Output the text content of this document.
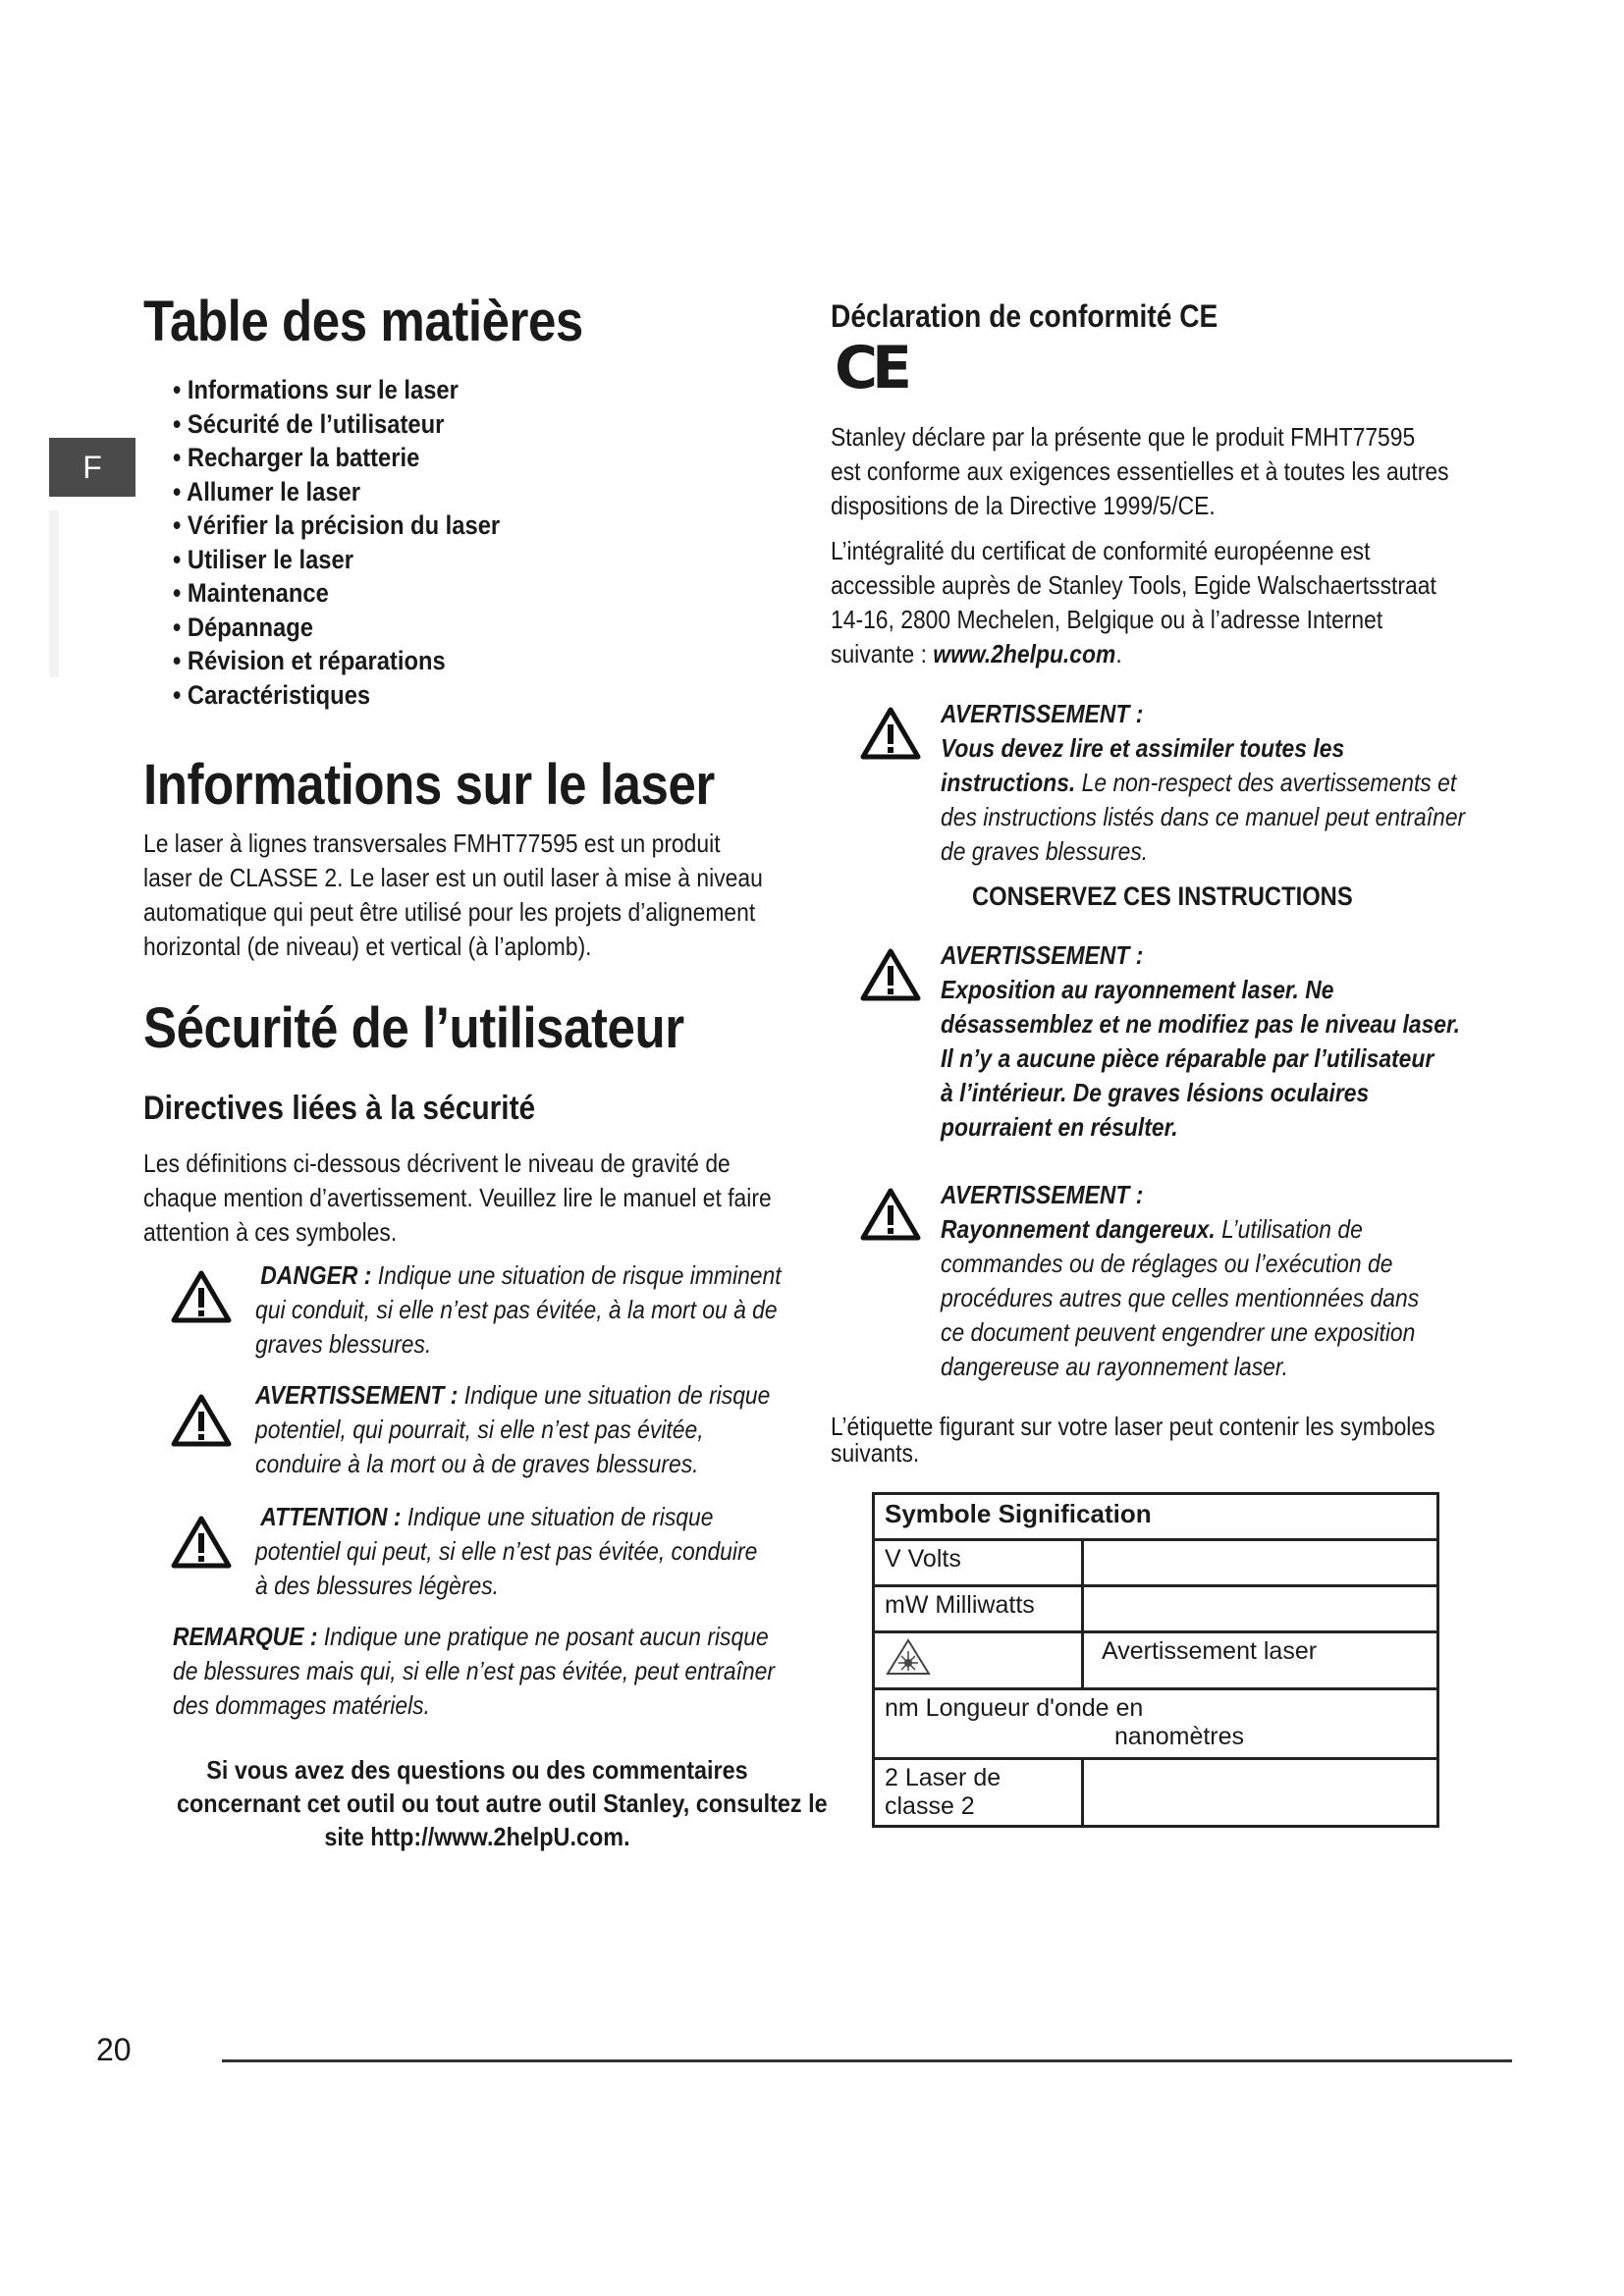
F
Table des matières
• Informations sur le laser
• Sécurité de l’utilisateur
• Recharger la batterie
• Allumer le laser
• Vérifier la précision du laser
• Utiliser le laser
• Maintenance
• Dépannage
• Révision et réparations
• Caractéristiques
Informations sur le laser
Le laser à lignes transversales FMHT77595 est un produit
laser de CLASSE 2. Le laser est un outil laser à mise à niveau
automatique qui peut être utilisé pour les projets d’alignement
horizontal (de niveau) et vertical (à l’aplomb).
Sécurité de l’utilisateur
Directives liées à la sécurité
Les définitions ci-dessous décrivent le niveau de gravité de
chaque mention d’avertissement. Veuillez lire le manuel et faire
attention à ces symboles.
DANGER : Indique une situation de risque imminent
qui conduit, si elle n’est pas évitée, à la mort ou à de
graves blessures.
AVERTISSEMENT : Indique une situation de risque
potentiel, qui pourrait, si elle n’est pas évitée,
conduire à la mort ou à de graves blessures.
ATTENTION : Indique une situation de risque
potentiel qui peut, si elle n’est pas évitée, conduire
à des blessures légères.
REMARQUE : Indique une pratique ne posant aucun risque
de blessures mais qui, si elle n’est pas évitée, peut entraîner
des dommages matériels.
Si vous avez des questions ou des commentaires
concernant cet outil ou tout autre outil Stanley, consultez le
site http://www.2helpU.com.
Déclaration de conformité CE
CE
Stanley déclare par la présente que le produit FMHT77595
est conforme aux exigences essentielles et à toutes les autres
dispositions de la Directive 1999/5/CE.
L’intégralité du certificat de conformité européenne est
accessible auprès de Stanley Tools, Egide Walschaertsstraat
14-16, 2800 Mechelen, Belgique ou à l’adresse Internet
suivante : www.2helpu.com.
AVERTISSEMENT :
Vous devez lire et assimiler toutes les
instructions. Le non-respect des avertissements et
des instructions listés dans ce manuel peut entraîner
de graves blessures.
CONSERVEZ CES INSTRUCTIONS
AVERTISSEMENT :
Exposition au rayonnement laser. Ne
désassemblez et ne modifiez pas le niveau laser.
Il n’y a aucune pièce réparable par l’utilisateur
à l’intérieur. De graves lésions oculaires
pourraient en résulter.
AVERTISSEMENT :
Rayonnement dangereux. L’utilisation de
commandes ou de réglages ou l’exécution de
procédures autres que celles mentionnées dans
ce document peuvent engendrer une exposition
dangereuse au rayonnement laser.
L’étiquette figurant sur votre laser peut contenir les symboles
suivants.
Symbole Signification	
V Volts	
mW Milliwatts	
	Avertissement laser

nm Longueur d'onde en
nanomètres	

2 Laser de classe 2	
20
